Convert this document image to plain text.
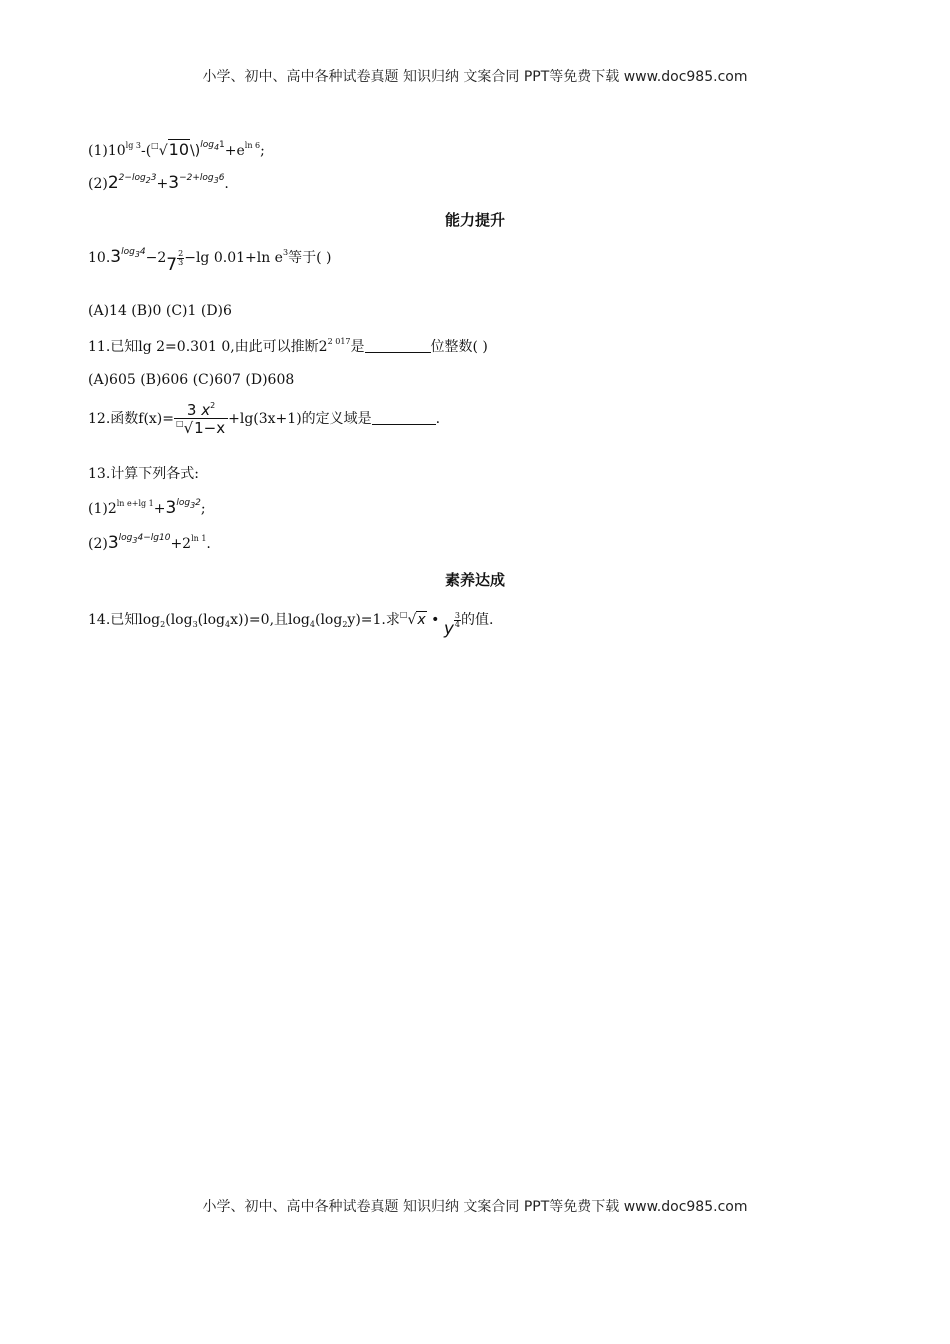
小学、初中、高中各种试卷真题 知识归纳 文案合同 PPT等免费下载 www.doc985.com
$(1)10^{lg 3}-(^□√10\backslash)^{log41}+e^{ln 6}$;
$(2)2^{2-log23}+3^{-2+log36}$.
能力提升
$10.3^{log34}-27 \frac{2}{3} -\lg$ 0.01+ln $e^3$等于( )
(A)14 (B)0 (C)1 (D)6
11.已知lg 2=0.301 0,由此可以推断$2^{2 017}$是	位整数( )
(A)605 (B)606 (C)607 (D)608
12.函数$f(x)= \frac{3 x^2}{^□√1-x} +\lg(3x+1)$的定义域是	.
13.计算下列各式:
$(1)2^{ln e+lg 1}+3^{log32}$;
$(2)3^{log34-lg10}+2^{ln 1}$.
素养达成
14.已知$\log_2(\log_3(\log_4x))=0$,且$\log_4(\log_2y)=1$.求□√x • y $\frac{3}{4}$ 的值.
小学、初中、高中各种试卷真题 知识归纳 文案合同 PPT等免费下载 www.doc985.com
